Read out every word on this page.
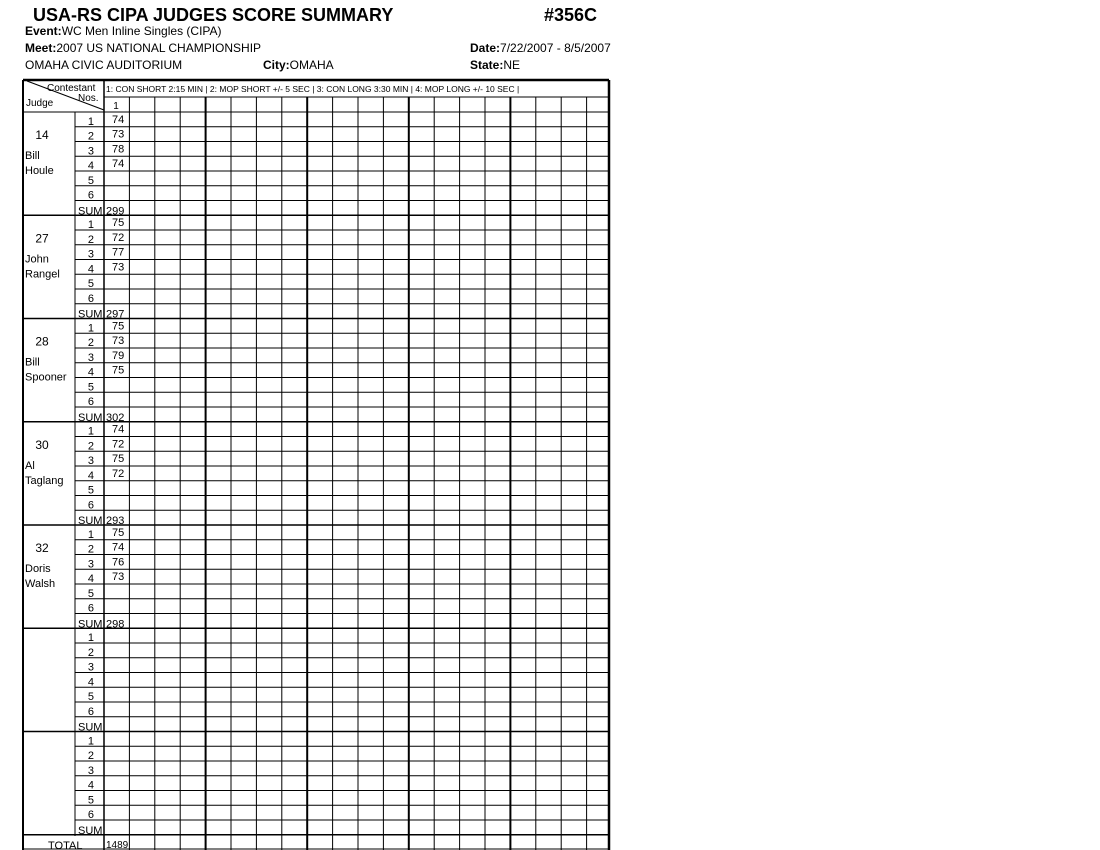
USA-RS CIPA JUDGES SCORE SUMMARY	#356C
Event:WC Men Inline Singles (CIPA)
Meet:2007 US NATIONAL CHAMPIONSHIP	Date:7/22/2007 - 8/5/2007
OMAHA CIVIC AUDITORIUM	City:OMAHA	State:NE
Contestant
Nos.
Judge
1: CON SHORT 2:15 MIN | 2: MOP SHORT +/- 5 SEC | 3: CON LONG 3:30 MIN | 4: MOP LONG +/- 10 SEC |
1
14
Bill
Houle
1 74
2 73
3 78
4 74
5
6
SUM 299
27
John
Rangel
1 75
2 72
3 77
4 73
5
6
SUM 297
28
Bill
Spooner
1 75
2 73
3 79
4 75
5
6
SUM 302
30
Al
Taglang
1 74
2 72
3 75
4 72
5
6
SUM 293
32
Doris
Walsh
1 75
2 74
3 76
4 73
5
6
SUM 298
1
2
3
4
5
6
SUM
1
2
3
4
5
6
SUM
TOTAL 1489
